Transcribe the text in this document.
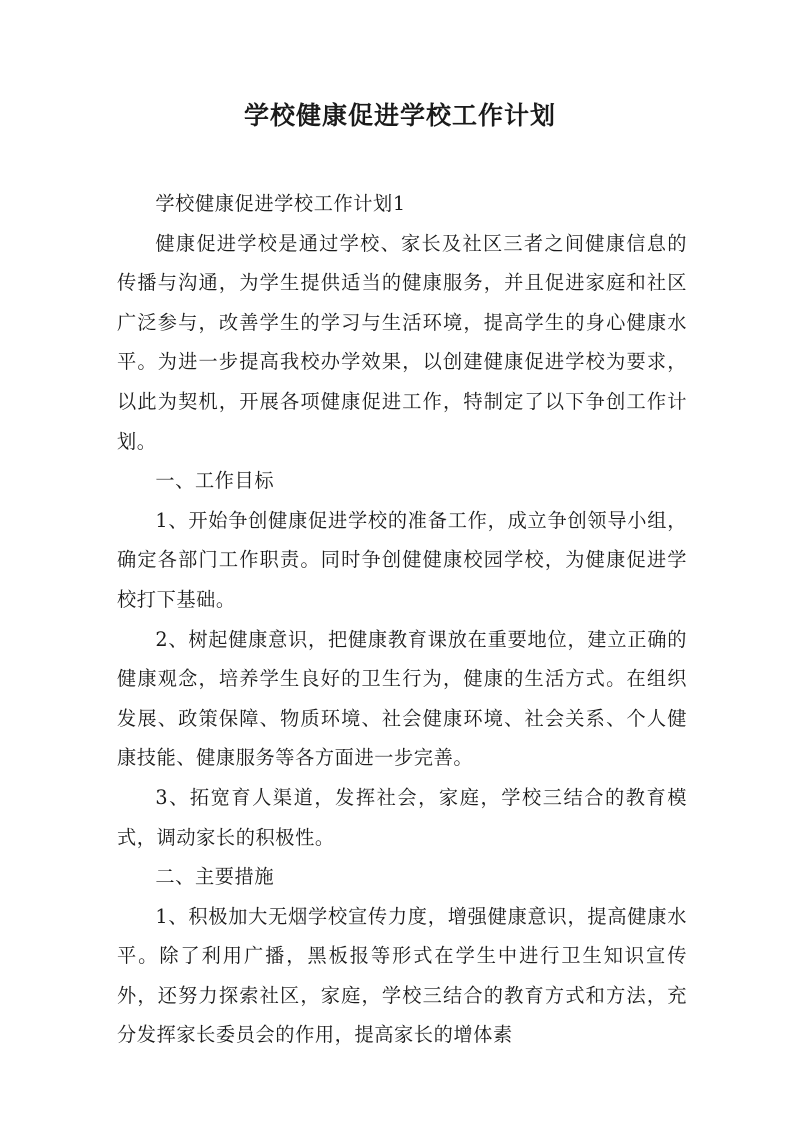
学校健康促进学校工作计划

学校健康促进学校工作计划1

健康促进学校是通过学校、家长及社区三者之间健康信息的传播与沟通，为学生提供适当的健康服务，并且促进家庭和社区广泛参与，改善学生的学习与生活环境，提高学生的身心健康水平。为进一步提高我校办学效果，以创建健康促进学校为要求，以此为契机，开展各项健康促进工作，特制定了以下争创工作计划。

一、工作目标

1、开始争创健康促进学校的准备工作，成立争创领导小组，确定各部门工作职责。同时争创健健康校园学校，为健康促进学校打下基础。

2、树起健康意识，把健康教育课放在重要地位，建立正确的健康观念，培养学生良好的卫生行为，健康的生活方式。在组织发展、政策保障、物质环境、社会健康环境、社会关系、个人健康技能、健康服务等各方面进一步完善。

3、拓宽育人渠道，发挥社会，家庭，学校三结合的教育模式，调动家长的积极性。

二、主要措施

1、积极加大无烟学校宣传力度，增强健康意识，提高健康水平。除了利用广播，黑板报等形式在学生中进行卫生知识宣传外，还努力探索社区，家庭，学校三结合的教育方式和方法，充分发挥家长委员会的作用，提高家长的增体素
